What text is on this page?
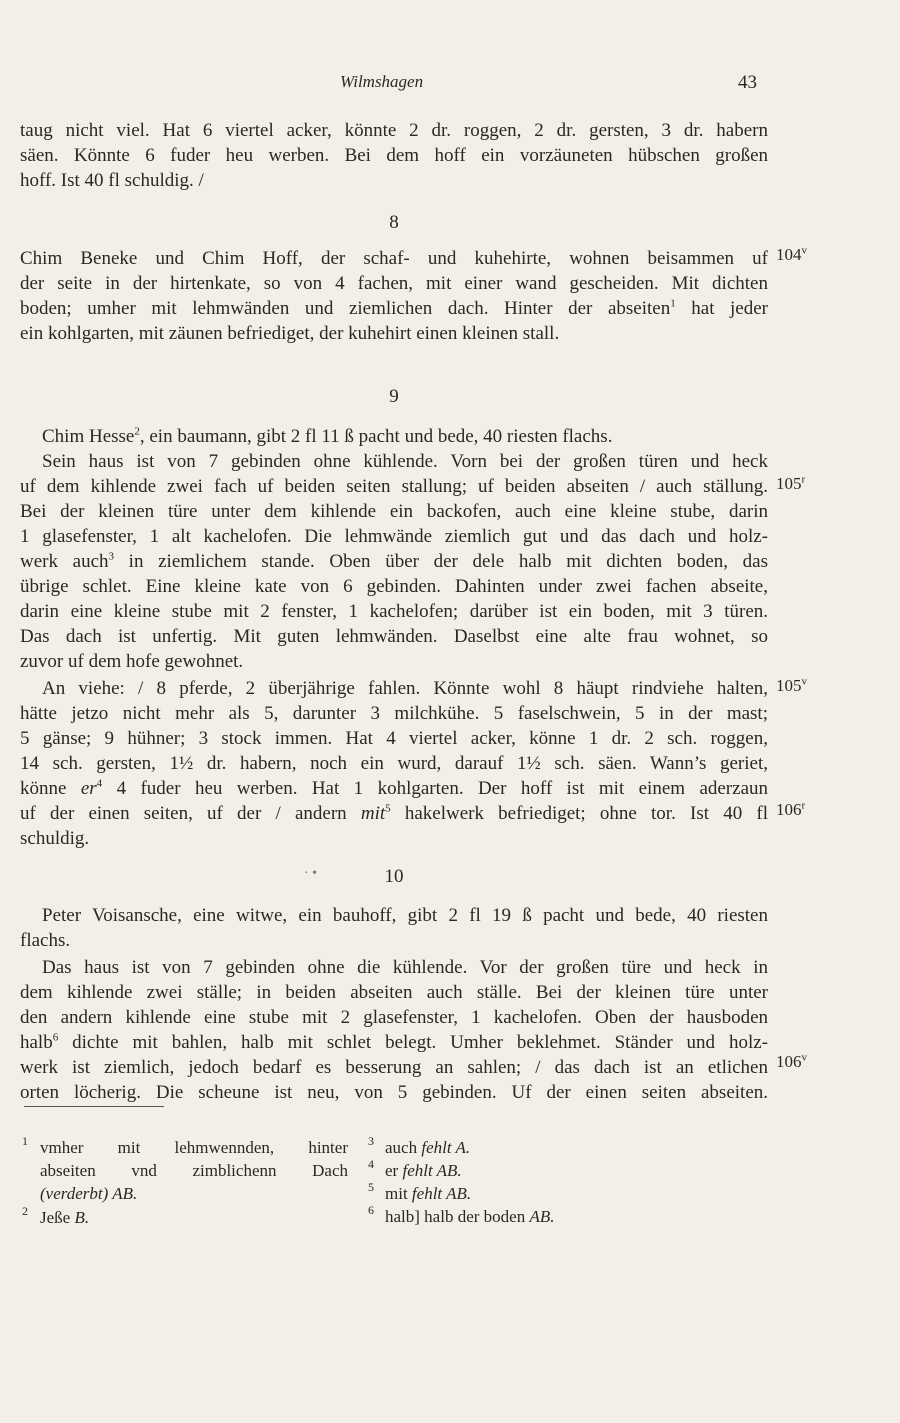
Wilmshagen	43
taug nicht viel. Hat 6 viertel acker, könnte 2 dr. roggen, 2 dr. gersten, 3 dr. habern
säen. Könnte 6 fuder heu werben. Bei dem hoff ein vorzäuneten hübschen großen
hoff. Ist 40 fl schuldig. /
8
Chim Beneke und Chim Hoff, der schaf- und kuhehirte, wohnen beisammen uf
der seite in der hirtenkate, so von 4 fachen, mit einer wand gescheiden. Mit dichten
boden; umher mit lehmwänden und ziemlichen dach. Hinter der abseiten$^1$ hat jeder
ein kohlgarten, mit zäunen befriediget, der kuhehirt einen kleinen stall.
9
Chim Hesse$^2$, ein baumann, gibt 2 fl 11 ß pacht und bede, 40 riesten flachs.
Sein haus ist von 7 gebinden ohne kühlende. Vorn bei der großen türen und heck
uf dem kihlende zwei fach uf beiden seiten stallung; uf beiden abseiten / auch ställung.
Bei der kleinen türe unter dem kihlende ein backofen, auch eine kleine stube, darin
1 glasefenster, 1 alt kachelofen. Die lehmwände ziemlich gut und das dach und holz-
werk auch$^3$ in ziemlichem stande. Oben über der dele halb mit dichten boden, das
übrige schlet. Eine kleine kate von 6 gebinden. Dahinten under zwei fachen abseite,
darin eine kleine stube mit 2 fenster, 1 kachelofen; darüber ist ein boden, mit 3 türen.
Das dach ist unfertig. Mit guten lehmwänden. Daselbst eine alte frau wohnet, so
zuvor uf dem hofe gewohnet.
An viehe: / 8 pferde, 2 überjährige fahlen. Könnte wohl 8 häupt rindviehe halten,
hätte jetzo nicht mehr als 5, darunter 3 milchkühe. 5 faselschwein, 5 in der mast;
5 gänse; 9 hühner; 3 stock immen. Hat 4 viertel acker, könne 1 dr. 2 sch. roggen,
14 sch. gersten, 1½ dr. habern, noch ein wurd, darauf 1½ sch. säen. Wann’s geriet,
könne $er^4$ 4 fuder heu werben. Hat 1 kohlgarten. Der hoff ist mit einem aderzaun
uf der einen seiten, uf der / andern mit$^5$ hakelwerk befriediget; ohne tor. Ist 40 fl
schuldig.
10
Peter Voisansche, eine witwe, ein bauhoff, gibt 2 fl 19 ß pacht und bede, 40 riesten
flachs.
Das haus ist von 7 gebinden ohne die kühlende. Vor der großen türe und heck in
dem kihlende zwei ställe; in beiden abseiten auch ställe. Bei der kleinen türe unter
den andern kihlende eine stube mit 2 glasefenster, 1 kachelofen. Oben der hausboden
halb$^6$ dichte mit bahlen, halb mit schlet belegt. Umher beklehmet. Ständer und holz-
werk ist ziemlich, jedoch bedarf es besserung an sahlen; / das dach ist an etlichen
orten löcherig. Die scheune ist neu, von 5 gebinden. Uf der einen seiten abseiten.
104$^v$
105$^r$
105$^v$
106$^r$
$106^v$
· •
1 vmher mit lehmwennden, hinter
abseiten vnd zimblichenn Dach
(verderbt) AB.
2 Jeße B.
3 auch fehlt A.
4 er fehlt AB.
5 mit fehlt AB.
6 halb] halb der boden AB.
